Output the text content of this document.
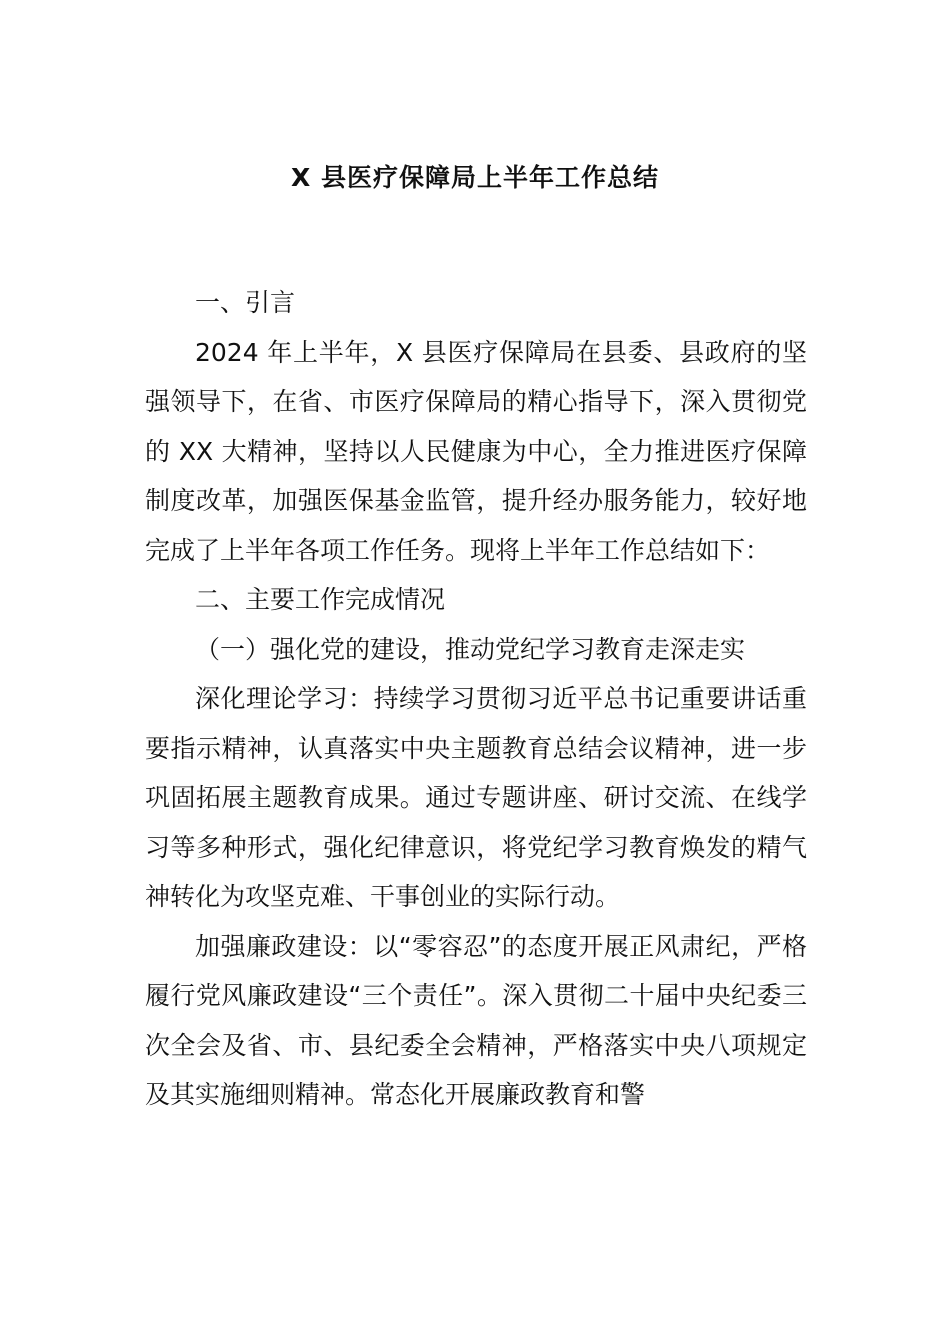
X 县医疗保障局上半年工作总结

一、引言

2024 年上半年，X 县医疗保障局在县委、县政府的坚强领导下，在省、市医疗保障局的精心指导下，深入贯彻党的 XX 大精神，坚持以人民健康为中心，全力推进医疗保障制度改革，加强医保基金监管，提升经办服务能力，较好地完成了上半年各项工作任务。现将上半年工作总结如下：

二、主要工作完成情况

（一）强化党的建设，推动党纪学习教育走深走实

深化理论学习：持续学习贯彻习近平总书记重要讲话重要指示精神，认真落实中央主题教育总结会议精神，进一步巩固拓展主题教育成果。通过专题讲座、研讨交流、在线学习等多种形式，强化纪律意识，将党纪学习教育焕发的精气神转化为攻坚克难、干事创业的实际行动。

加强廉政建设：以“零容忍”的态度开展正风肃纪，严格履行党风廉政建设“三个责任”。深入贯彻二十届中央纪委三次全会及省、市、县纪委全会精神，严格落实中央八项规定及其实施细则精神。常态化开展廉政教育和警
